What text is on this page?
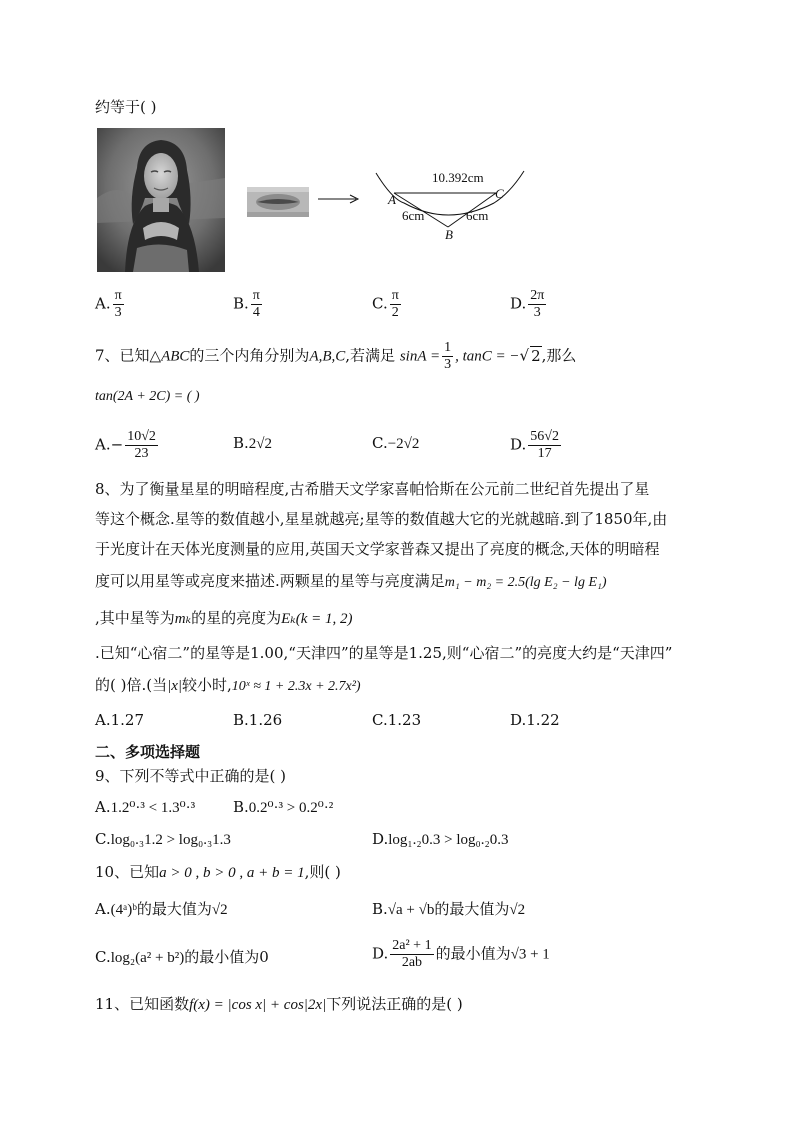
约等于( )
10.392cm
A	C
B
6cm	6cm
A. $\frac{\pi}{3}$	B. $\frac{\pi}{4}$	C. $\frac{\pi}{2}$	D. $\frac{2\pi}{3}$
7、已知△ABC的三个内角分别为A,B,C,若满足 $\sin A = \frac{1}{3}$ , tanC = −√ 2,那么
tan(2A + 2C) = ( )
$A.- \frac{10√2}{23}$	B.2√2	C.−2√2	D. $\frac{56√2}{17}$
8、为了衡量星星的明暗程度,古希腊天文学家喜帕恰斯在公元前二世纪首先提出了星
等这个概念.星等的数值越小,星星就越亮;星等的数值越大它的光就越暗.到了1850年,由
于光度计在天体光度测量的应用,英国天文学家普森又提出了亮度的概念,天体的明暗程
度可以用星等或亮度来描述.两颗星的星等与亮度满足m₁ − m₂ = 2.5(lg E₂ − lg E₁)
,其中星等为mₖ的星的亮度为Eₖ(k = 1, 2)
.已知“心宿二”的星等是1.00,“天津四”的星等是1.25,则“心宿二”的亮度大约是“天津四”
的( )倍.(当|x|较小时,10ˣ ≈ 1 + 2.3x + 2.7x²)
A.1.27	B.1.26	C.1.23	D.1.22
二、多项选择题
9、下列不等式中正确的是( )
A.1.2⁰·³ < 1.3⁰·³	B.0.2⁰·³ > 0.2⁰·²
C.log₀.₃1.2 > log₀.₃1.3	D.log₁.₂0.3 > log₀.₂0.3
10、已知a > 0 , b > 0 , a + b = 1,则( )
A.(4ᵃ)ᵇ的最大值为√2	B.√a + √b的最大值为√2
C.log₂(a² + b²)的最小值为0	D. $\frac{\text{2a² + 1}}{2ab}$ 的最小值为√3 + 1
11、已知函数f(x) = |cos x| + cos|2x|下列说法正确的是( )
